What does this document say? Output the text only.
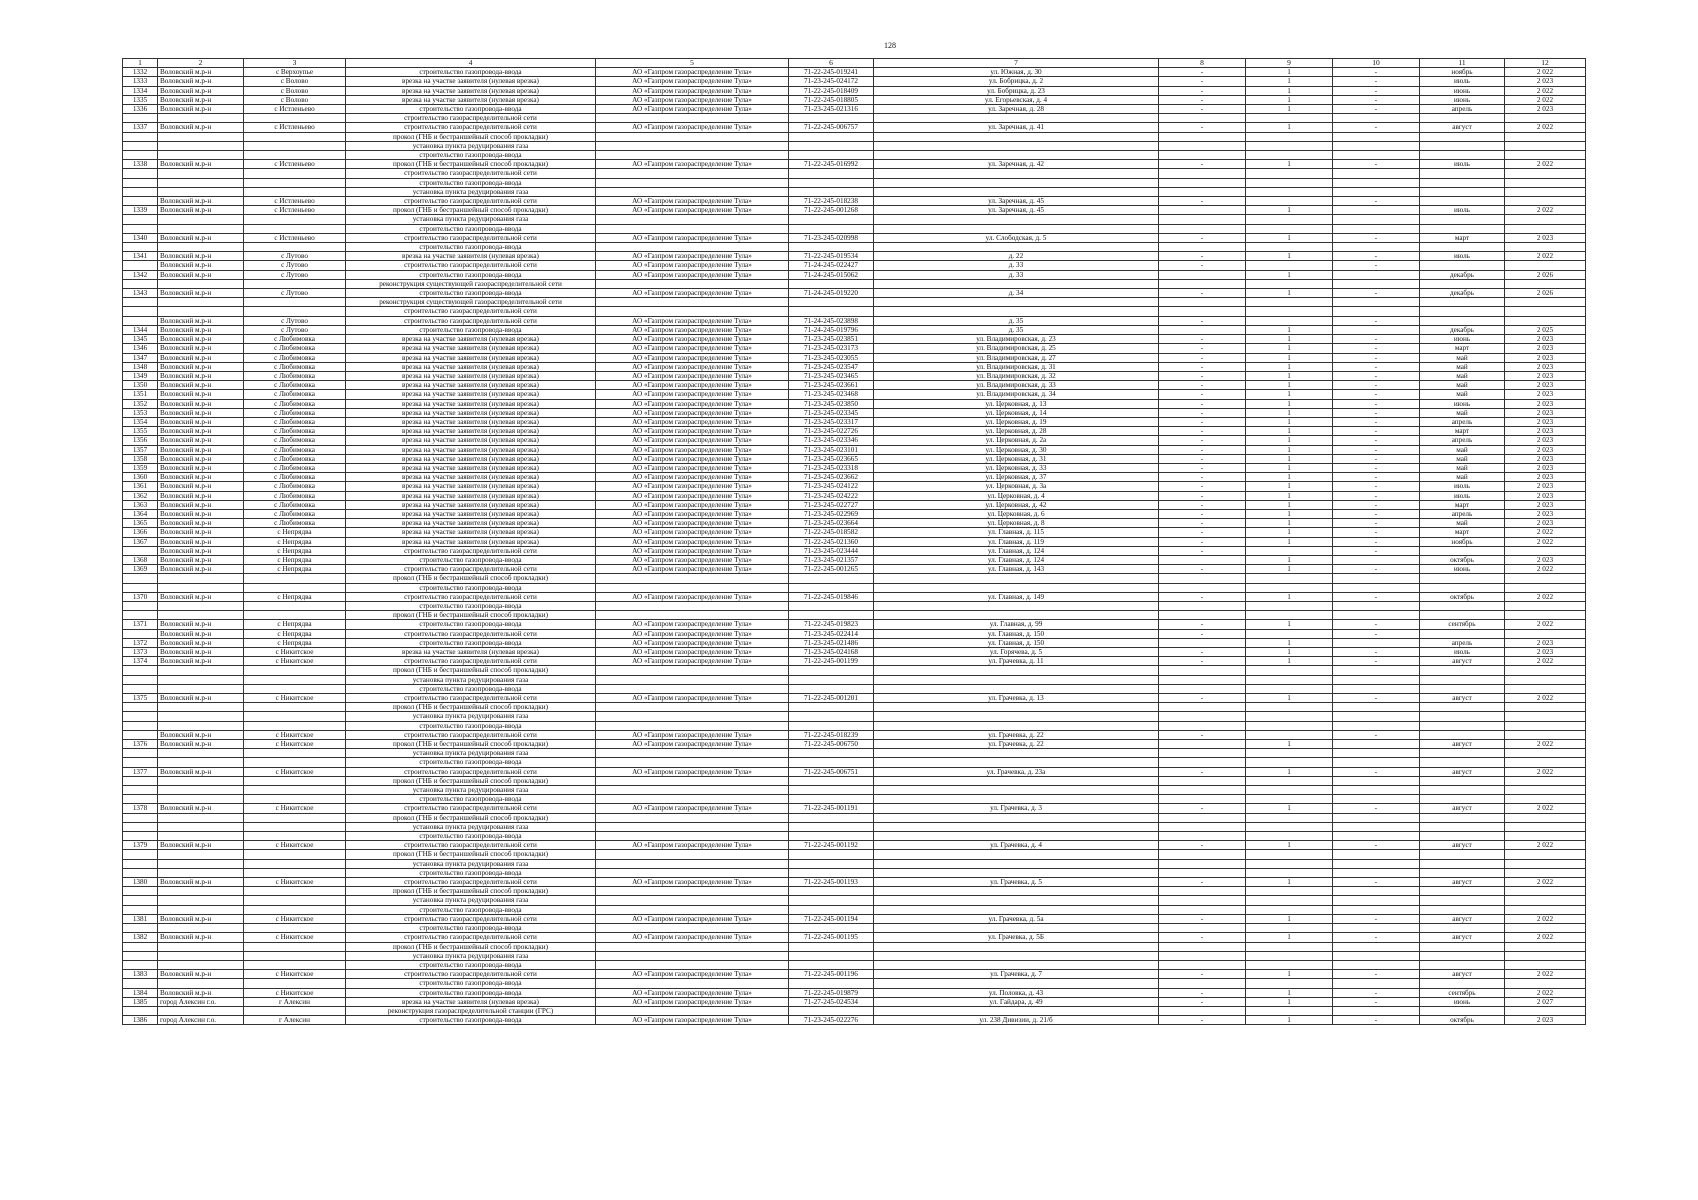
128
1	2	3	4	5	6	7	8	9	10	11	12
1332	Воловский м.р-н	с Верхоупье	строительство газопровода-ввода	АО «Газпром газораспределение Тула»	71-22-245-019241	ул. Южная, д. 30	-	1	-	ноябрь	2 022
1333	Воловский м.р-н	с Волово	врезка на участке заявителя (нулевая врезка)	АО «Газпром газораспределение Тула»	71-23-245-024172	ул. Бобрицка, д. 2	-	1	-	июль	2 023
1334	Воловский м.р-н	с Волово	врезка на участке заявителя (нулевая врезка)	АО «Газпром газораспределение Тула»	71-22-245-018409	ул. Бобрицка, д. 23	-	1	-	июнь	2 022
1335	Воловский м.р-н	с Волово	врезка на участке заявителя (нулевая врезка)	АО «Газпром газораспределение Тула»	71-22-245-018805	ул. Егорьевская, д. 4	-	1	-	июнь	2 022
1336	Воловский м.р-н	с Истленьево	строительство газопровода-ввода	АО «Газпром газораспределение Тула»	71-23-245-021316	ул. Заречная, д. 28	-	1	-	апрель	2 023
			строительство газораспределительной сети								
1337	Воловский м.р-н	с Истленьево	строительство газораспределительной сети	АО «Газпром газораспределение Тула»	71-22-245-006757	ул. Заречная, д. 41	-	1	-	август	2 022
			прокол (ГНБ и бестраншейный способ прокладки)								
			установка пункта редуцирования газа								
			строительство газопровода-ввода								
1338	Воловский м.р-н	с Истленьево	прокол (ГНБ и бестраншейный способ прокладки)	АО «Газпром газораспределение Тула»	71-22-245-016992	ул. Заречная, д. 42	-	1	-	июль	2 022
			строительство газораспределительной сети								
			строительство газопровода-ввода								
			установка пункта редуцирования газа								
	Воловский м.р-н	с Истленьево	строительство газораспределительной сети	АО «Газпром газораспределение Тула»	71-22-245-018238	ул. Заречная, д. 45	-		-		
1339	Воловский м.р-н	с Истленьево	прокол (ГНБ и бестраншейный способ прокладки)	АО «Газпром газораспределение Тула»	71-22-245-001268	ул. Заречная, д. 45		1		июль	2 022
			установка пункта редуцирования газа								
			строительство газопровода-ввода								
1340	Воловский м.р-н	с Истленьево	строительство газораспределительной сети	АО «Газпром газораспределение Тула»	71-23-245-020998	ул. Слободская, д. 5	-	1	-	март	2 023
			строительство газопровода-ввода								
1341	Воловский м.р-н	с Лутово	врезка на участке заявителя (нулевая врезка)	АО «Газпром газораспределение Тула»	71-22-245-019534	д. 22	-	1	-	июль	2 022
	Воловский м.р-н	с Лутово	строительство газораспределительной сети	АО «Газпром газораспределение Тула»	71-24-245-022427	д. 33	-		-		
1342	Воловский м.р-н	с Лутово	строительство газопровода-ввода	АО «Газпром газораспределение Тула»	71-24-245-015062	д. 33		1		декабрь	2 026
			реконструкция существующей газораспределительной сети								
1343	Воловский м.р-н	с Лутово	строительство газопровода-ввода	АО «Газпром газораспределение Тула»	71-24-245-019220	д. 34	-	1	-	декабрь	2 026
			реконструкция существующей газораспределительной сети								
			строительство газораспределительной сети								
	Воловский м.р-н	с Лутово	строительство газораспределительной сети	АО «Газпром газораспределение Тула»	71-24-245-023898	д. 35	-		-		
1344	Воловский м.р-н	с Лутово	строительство газопровода-ввода	АО «Газпром газораспределение Тула»	71-24-245-019796	д. 35		1		декабрь	2 025
1345	Воловский м.р-н	с Любимовка	врезка на участке заявителя (нулевая врезка)	АО «Газпром газораспределение Тула»	71-23-245-023851	ул. Владимировская, д. 23	-	1	-	июнь	2 023
1346	Воловский м.р-н	с Любимовка	врезка на участке заявителя (нулевая врезка)	АО «Газпром газораспределение Тула»	71-23-245-023173	ул. Владимировская, д. 25	-	1	-	март	2 023
1347	Воловский м.р-н	с Любимовка	врезка на участке заявителя (нулевая врезка)	АО «Газпром газораспределение Тула»	71-23-245-023055	ул. Владимировская, д. 27	-	1	-	май	2 023
1348	Воловский м.р-н	с Любимовка	врезка на участке заявителя (нулевая врезка)	АО «Газпром газораспределение Тула»	71-23-245-023547	ул. Владимировская, д. 31	-	1	-	май	2 023
1349	Воловский м.р-н	с Любимовка	врезка на участке заявителя (нулевая врезка)	АО «Газпром газораспределение Тула»	71-23-245-023465	ул. Владимировская, д. 32	-	1	-	май	2 023
1350	Воловский м.р-н	с Любимовка	врезка на участке заявителя (нулевая врезка)	АО «Газпром газораспределение Тула»	71-23-245-023661	ул. Владимировская, д. 33	-	1	-	май	2 023
1351	Воловский м.р-н	с Любимовка	врезка на участке заявителя (нулевая врезка)	АО «Газпром газораспределение Тула»	71-23-245-023468	ул. Владимировская, д. 34	-	1	-	май	2 023
1352	Воловский м.р-н	с Любимовка	врезка на участке заявителя (нулевая врезка)	АО «Газпром газораспределение Тула»	71-23-245-023850	ул. Церковная, д. 13	-	1	-	июнь	2 023
1353	Воловский м.р-н	с Любимовка	врезка на участке заявителя (нулевая врезка)	АО «Газпром газораспределение Тула»	71-23-245-023345	ул. Церковная, д. 14	-	1	-	май	2 023
1354	Воловский м.р-н	с Любимовка	врезка на участке заявителя (нулевая врезка)	АО «Газпром газораспределение Тула»	71-23-245-023317	ул. Церковная, д. 19	-	1	-	апрель	2 023
1355	Воловский м.р-н	с Любимовка	врезка на участке заявителя (нулевая врезка)	АО «Газпром газораспределение Тула»	71-23-245-022726	ул. Церковная, д. 28	-	1	-	март	2 023
1356	Воловский м.р-н	с Любимовка	врезка на участке заявителя (нулевая врезка)	АО «Газпром газораспределение Тула»	71-23-245-023346	ул. Церковная, д. 2а	-	1	-	апрель	2 023
1357	Воловский м.р-н	с Любимовка	врезка на участке заявителя (нулевая врезка)	АО «Газпром газораспределение Тула»	71-23-245-023101	ул. Церковная, д. 30	-	1	-	май	2 023
1358	Воловский м.р-н	с Любимовка	врезка на участке заявителя (нулевая врезка)	АО «Газпром газораспределение Тула»	71-23-245-023665	ул. Церковная, д. 31	-	1	-	май	2 023
1359	Воловский м.р-н	с Любимовка	врезка на участке заявителя (нулевая врезка)	АО «Газпром газораспределение Тула»	71-23-245-023318	ул. Церковная, д. 33	-	1	-	май	2 023
1360	Воловский м.р-н	с Любимовка	врезка на участке заявителя (нулевая врезка)	АО «Газпром газораспределение Тула»	71-23-245-023662	ул. Церковная, д. 37	-	1	-	май	2 023
1361	Воловский м.р-н	с Любимовка	врезка на участке заявителя (нулевая врезка)	АО «Газпром газораспределение Тула»	71-23-245-024122	ул. Церковная, д. 3а	-	1	-	июль	2 023
1362	Воловский м.р-н	с Любимовка	врезка на участке заявителя (нулевая врезка)	АО «Газпром газораспределение Тула»	71-23-245-024222	ул. Церковная, д. 4	-	1	-	июль	2 023
1363	Воловский м.р-н	с Любимовка	врезка на участке заявителя (нулевая врезка)	АО «Газпром газораспределение Тула»	71-23-245-022727	ул. Церковная, д. 42	-	1	-	март	2 023
1364	Воловский м.р-н	с Любимовка	врезка на участке заявителя (нулевая врезка)	АО «Газпром газораспределение Тула»	71-23-245-022969	ул. Церковная, д. 6	-	1	-	апрель	2 023
1365	Воловский м.р-н	с Любимовка	врезка на участке заявителя (нулевая врезка)	АО «Газпром газораспределение Тула»	71-23-245-023664	ул. Церковная, д. 8	-	1	-	май	2 023
1366	Воловский м.р-н	с Непрядва	врезка на участке заявителя (нулевая врезка)	АО «Газпром газораспределение Тула»	71-22-245-018582	ул. Главная, д. 115	-	1	-	март	2 022
1367	Воловский м.р-н	с Непрядва	врезка на участке заявителя (нулевая врезка)	АО «Газпром газораспределение Тула»	71-22-245-021360	ул. Главная, д. 119	-	1	-	ноябрь	2 022
	Воловский м.р-н	с Непрядва	строительство газораспределительной сети	АО «Газпром газораспределение Тула»	71-23-245-023444	ул. Главная, д. 124	-		-		
1368	Воловский м.р-н	с Непрядва	строительство газопровода-ввода	АО «Газпром газораспределение Тула»	71-23-245-021357	ул. Главная, д. 124		1		октябрь	2 023
1369	Воловский м.р-н	с Непрядва	строительство газораспределительной сети	АО «Газпром газораспределение Тула»	71-22-245-001265	ул. Главная, д. 143	-	1	-	июнь	2 022
			прокол (ГНБ и бестраншейный способ прокладки)								
			строительство газопровода-ввода								
1370	Воловский м.р-н	с Непрядва	строительство газораспределительной сети	АО «Газпром газораспределение Тула»	71-22-245-019846	ул. Главная, д. 149	-	1	-	октябрь	2 022
			строительство газопровода-ввода								
			прокол (ГНБ и бестраншейный способ прокладки)								
1371	Воловский м.р-н	с Непрядва	строительство газопровода-ввода	АО «Газпром газораспределение Тула»	71-22-245-019823	ул. Главная, д. 99	-	1	-	сентябрь	2 022
	Воловский м.р-н	с Непрядва	строительство газораспределительной сети	АО «Газпром газораспределение Тула»	71-23-245-022414	ул. Главная, д. 150	-		-		
1372	Воловский м.р-н	с Непрядва	строительство газопровода-ввода	АО «Газпром газораспределение Тула»	71-23-245-021486	ул. Главная, д. 150		1		апрель	2 023
1373	Воловский м.р-н	с Никитское	врезка на участке заявителя (нулевая врезка)	АО «Газпром газораспределение Тула»	71-23-245-024168	ул. Горячева, д. 5	-	1	-	июль	2 023
1374	Воловский м.р-н	с Никитское	строительство газораспределительной сети	АО «Газпром газораспределение Тула»	71-22-245-001199	ул. Грачевка, д. 11	-	1	-	август	2 022
			прокол (ГНБ и бестраншейный способ прокладки)								
			установка пункта редуцирования газа								
			строительство газопровода-ввода								
1375	Воловский м.р-н	с Никитское	строительство газораспределительной сети	АО «Газпром газораспределение Тула»	71-22-245-001201	ул. Грачевка, д. 13	-	1	-	август	2 022
			прокол (ГНБ и бестраншейный способ прокладки)								
			установка пункта редуцирования газа								
			строительство газопровода-ввода								
	Воловский м.р-н	с Никитское	строительство газораспределительной сети	АО «Газпром газораспределение Тула»	71-22-245-018239	ул. Грачевка, д. 22	-		-		
1376	Воловский м.р-н	с Никитское	прокол (ГНБ и бестраншейный способ прокладки)	АО «Газпром газораспределение Тула»	71-22-245-006750	ул. Грачевка, д. 22		1		август	2 022
			установка пункта редуцирования газа								
			строительство газопровода-ввода								
1377	Воловский м.р-н	с Никитское	строительство газораспределительной сети	АО «Газпром газораспределение Тула»	71-22-245-006751	ул. Грачевка, д. 23а	-	1	-	август	2 022
			прокол (ГНБ и бестраншейный способ прокладки)								
			установка пункта редуцирования газа								
			строительство газопровода-ввода								
1378	Воловский м.р-н	с Никитское	строительство газораспределительной сети	АО «Газпром газораспределение Тула»	71-22-245-001191	ул. Грачевка, д. 3	-	1	-	август	2 022
			прокол (ГНБ и бестраншейный способ прокладки)								
			установка пункта редуцирования газа								
			строительство газопровода-ввода								
1379	Воловский м.р-н	с Никитское	строительство газораспределительной сети	АО «Газпром газораспределение Тула»	71-22-245-001192	ул. Грачевка, д. 4	-	1	-	август	2 022
			прокол (ГНБ и бестраншейный способ прокладки)								
			установка пункта редуцирования газа								
			строительство газопровода-ввода								
1380	Воловский м.р-н	с Никитское	строительство газораспределительной сети	АО «Газпром газораспределение Тула»	71-22-245-001193	ул. Грачевка, д. 5	-	1	-	август	2 022
			прокол (ГНБ и бестраншейный способ прокладки)								
			установка пункта редуцирования газа								
			строительство газопровода-ввода								
1381	Воловский м.р-н	с Никитское	строительство газораспределительной сети	АО «Газпром газораспределение Тула»	71-22-245-001194	ул. Грачевка, д. 5а	-	1	-	август	2 022
			строительство газопровода-ввода								
1382	Воловский м.р-н	с Никитское	строительство газораспределительной сети	АО «Газпром газораспределение Тула»	71-22-245-001195	ул. Грачевка, д. 5Б	-	1	-	август	2 022
			прокол (ГНБ и бестраншейный способ прокладки)								
			установка пункта редуцирования газа								
			строительство газопровода-ввода								
1383	Воловский м.р-н	с Никитское	строительство газораспределительной сети	АО «Газпром газораспределение Тула»	71-22-245-001196	ул. Грачевка, д. 7	-	1	-	август	2 022
			строительство газопровода-ввода								
1384	Воловский м.р-н	с Никитское	строительство газопровода-ввода	АО «Газпром газораспределение Тула»	71-22-245-019879	ул. Половка, д. 43	-	1	-	сентябрь	2 022
1385	город Алексин г.о.	г Алексин	врезка на участке заявителя (нулевая врезка)	АО «Газпром газораспределение Тула»	71-27-245-024534	ул. Гайдара, д. 49	-	1	-	июнь	2 027
			реконструкция газораспределительной станции (ГРС)								
1386	город Алексин г.о.	г Алексин	строительство газопровода-ввода	АО «Газпром газораспределение Тула»	71-23-245-022276	ул. 238 Дивизии, д. 21/б	-	1	-	октябрь	2 023
